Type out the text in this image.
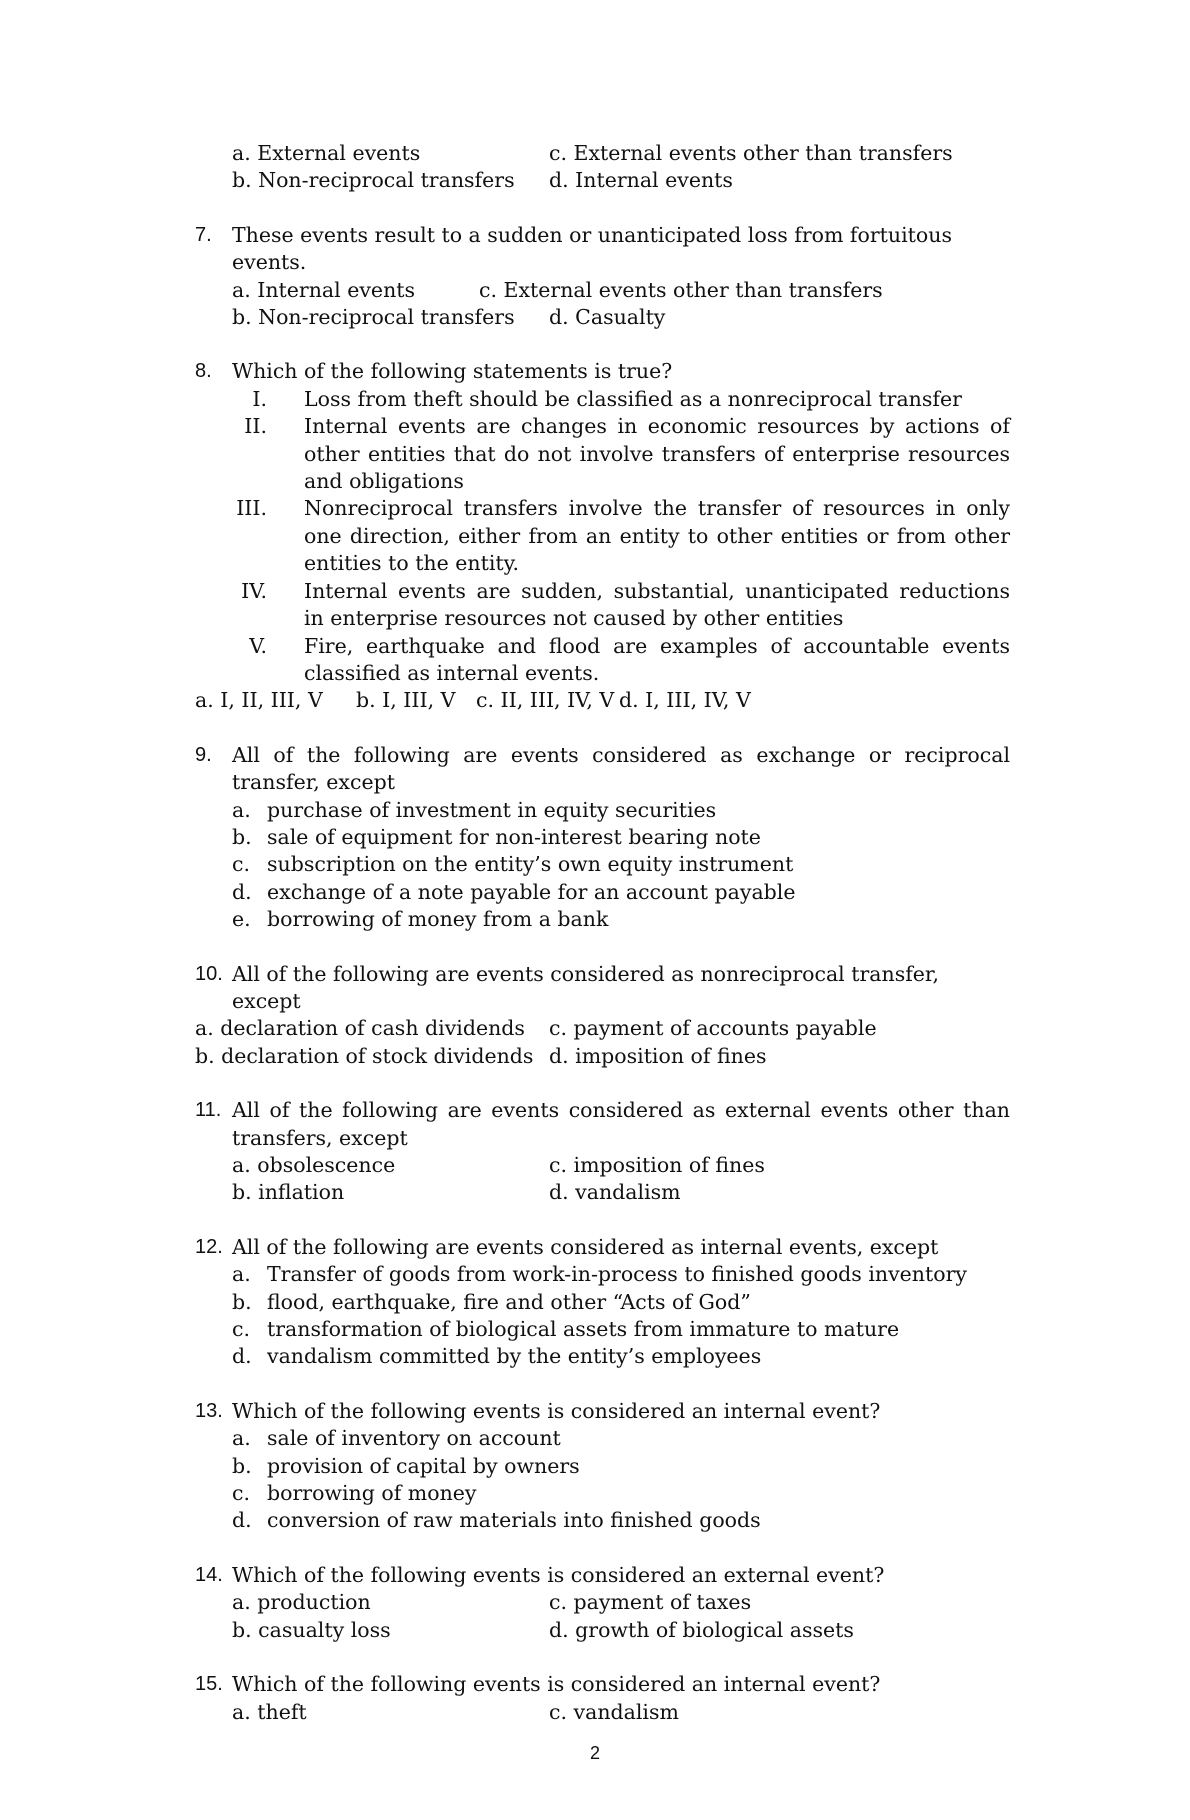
a. External events	c. External events other than transfers
b. Non-reciprocal transfers	d. Internal events
7. These events result to a sudden or unanticipated loss from fortuitous events.
a. Internal events	c. External events other than transfers
b. Non-reciprocal transfers	d. Casualty
8. Which of the following statements is true?
I.	Loss from theft should be classified as a nonreciprocal transfer
II.	Internal events are changes in economic resources by actions of other entities that do not involve transfers of enterprise resources and obligations
III.	Nonreciprocal transfers involve the transfer of resources in only one direction, either from an entity to other entities or from other entities to the entity.
IV.	Internal events are sudden, substantial, unanticipated reductions in enterprise resources not caused by other entities
V.	Fire, earthquake and flood are examples of accountable events classified as internal events.
a. I, II, III, V	b. I, III, V	c. II, III, IV, V d. I, III, IV, V
9. All of the following are events considered as exchange or reciprocal transfer, except
a. purchase of investment in equity securities
b. sale of equipment for non-interest bearing note
c. subscription on the entity’s own equity instrument
d. exchange of a note payable for an account payable
e. borrowing of money from a bank
10. All of the following are events considered as nonreciprocal transfer, except
a. declaration of cash dividends	c. payment of accounts payable
b. declaration of stock dividends d. imposition of fines
11. All of the following are events considered as external events other than transfers, except
a. obsolescence	c. imposition of fines
b. inflation	d. vandalism
12. All of the following are events considered as internal events, except
a. Transfer of goods from work-in-process to finished goods inventory
b. flood, earthquake, fire and other “Acts of God”
c. transformation of biological assets from immature to mature
d. vandalism committed by the entity’s employees
13. Which of the following events is considered an internal event?
a. sale of inventory on account
b. provision of capital by owners
c. borrowing of money
d. conversion of raw materials into finished goods
14. Which of the following events is considered an external event?
a. production	c. payment of taxes
b. casualty loss	d. growth of biological assets
15. Which of the following events is considered an internal event?
a. theft	c. vandalism
2
